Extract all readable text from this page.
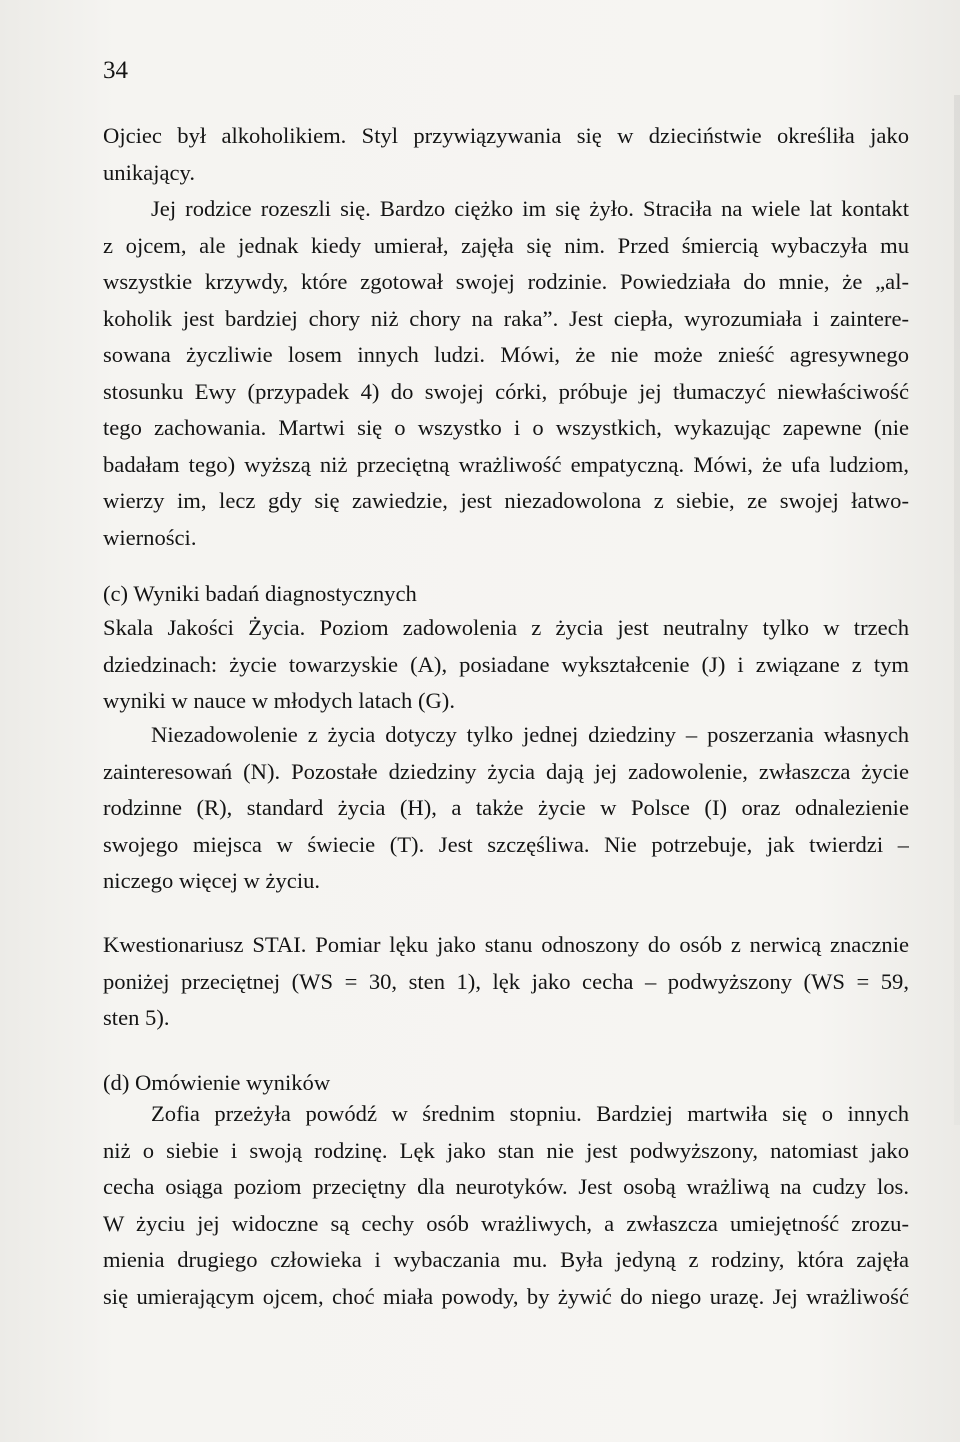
34
Ojciec był alkoholikiem. Styl przywiązywania się w dzieciństwie określiła jako
unikający.
Jej rodzice rozeszli się. Bardzo ciężko im się żyło. Straciła na wiele lat kontakt
z ojcem, ale jednak kiedy umierał, zajęła się nim. Przed śmiercią wybaczyła mu
wszystkie krzywdy, które zgotował swojej rodzinie. Powiedziała do mnie, że „al-
koholik jest bardziej chory niż chory na raka”. Jest ciepła, wyrozumiała i zaintere-
sowana życzliwie losem innych ludzi. Mówi, że nie może znieść agresywnego
stosunku Ewy (przypadek 4) do swojej córki, próbuje jej tłumaczyć niewłaściwość
tego zachowania. Martwi się o wszystko i o wszystkich, wykazując zapewne (nie
badałam tego) wyższą niż przeciętną wrażliwość empatyczną. Mówi, że ufa ludziom,
wierzy im, lecz gdy się zawiedzie, jest niezadowolona z siebie, ze swojej łatwo-
wierności.
(c) Wyniki badań diagnostycznych
Skala Jakości Życia. Poziom zadowolenia z życia jest neutralny tylko w trzech
dziedzinach: życie towarzyskie (A), posiadane wykształcenie (J) i związane z tym
wyniki w nauce w młodych latach (G).
Niezadowolenie z życia dotyczy tylko jednej dziedziny – poszerzania własnych
zainteresowań (N). Pozostałe dziedziny życia dają jej zadowolenie, zwłaszcza życie
rodzinne (R), standard życia (H), a także życie w Polsce (I) oraz odnalezienie
swojego miejsca w świecie (T). Jest szczęśliwa. Nie potrzebuje, jak twierdzi –
niczego więcej w życiu.
Kwestionariusz STAI. Pomiar lęku jako stanu odnoszony do osób z nerwicą znacznie
poniżej przeciętnej (WS = 30, sten 1), lęk jako cecha – podwyższony (WS = 59,
sten 5).
(d) Omówienie wyników
Zofia przeżyła powódź w średnim stopniu. Bardziej martwiła się o innych
niż o siebie i swoją rodzinę. Lęk jako stan nie jest podwyższony, natomiast jako
cecha osiąga poziom przeciętny dla neurotyków. Jest osobą wrażliwą na cudzy los.
W życiu jej widoczne są cechy osób wrażliwych, a zwłaszcza umiejętność zrozu-
mienia drugiego człowieka i wybaczania mu. Była jedyną z rodziny, która zajęła
się umierającym ojcem, choć miała powody, by żywić do niego urazę. Jej wrażliwość
